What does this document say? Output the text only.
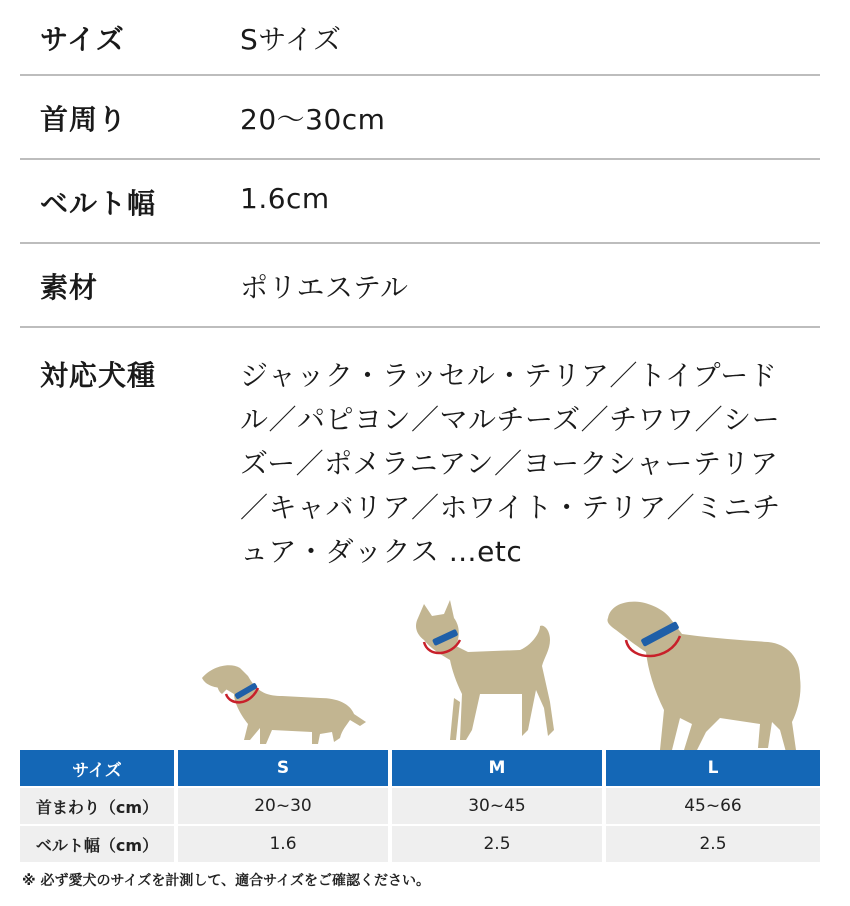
サイズ	Sサイズ
首周り	20〜30cm
ベルト幅	1.6cm
素材	ポリエステル
対応犬種	ジャック・ラッセル・テリア／トイプードル／パピヨン／マルチーズ／チワワ／シーズー／ポメラニアン／ヨークシャーテリア／キャバリア／ホワイト・テリア／ミニチュア・ダックス …etc
サイズ	S	M	L
首まわり（cm）	20~30	30~45	45~66
ベルト幅（cm）	1.6	2.5	2.5
※ 必ず愛犬のサイズを計測して、適合サイズをご確認ください。
